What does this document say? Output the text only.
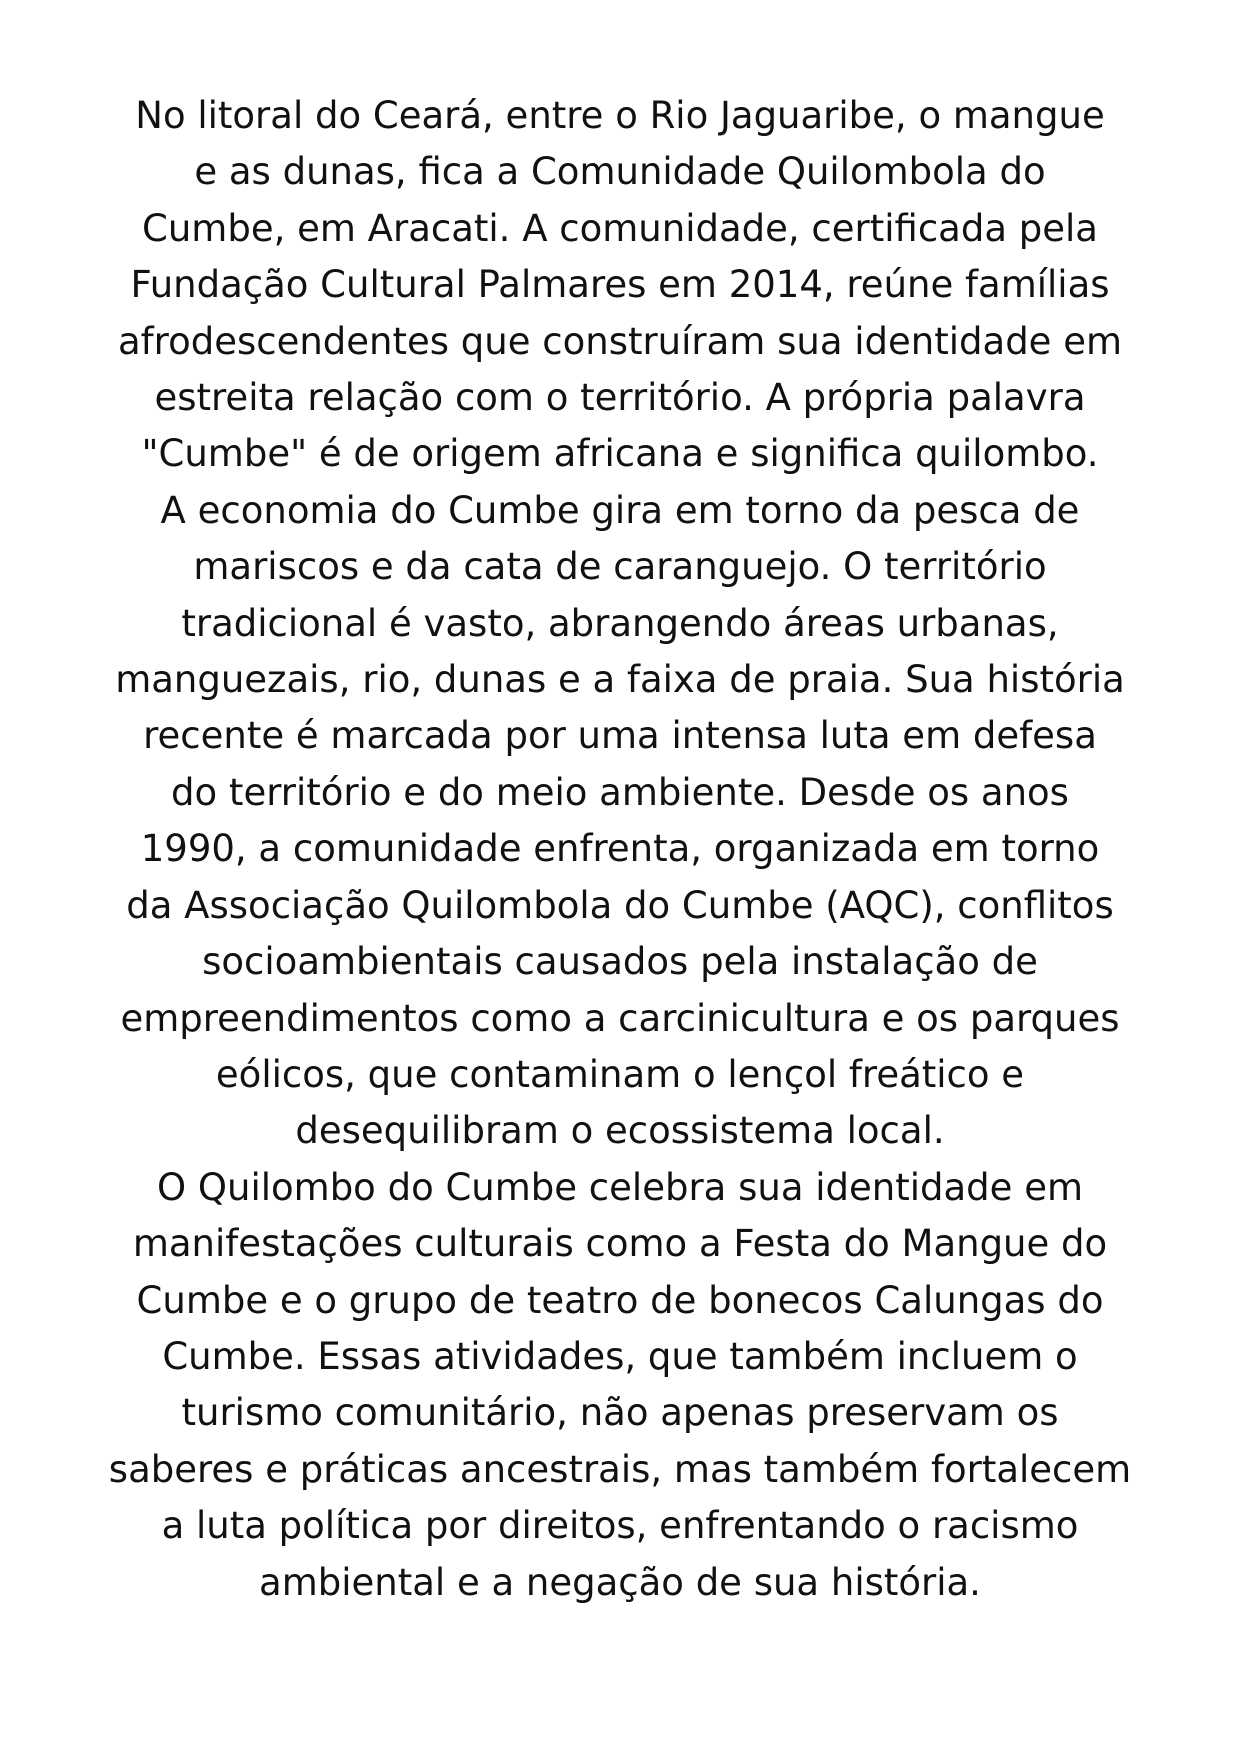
No litoral do Ceará, entre o Rio Jaguaribe, o mangue
e as dunas, fica a Comunidade Quilombola do
Cumbe, em Aracati. A comunidade, certificada pela
Fundação Cultural Palmares em 2014, reúne famílias
afrodescendentes que construíram sua identidade em
estreita relação com o território. A própria palavra
"Cumbe" é de origem africana e significa quilombo.
A economia do Cumbe gira em torno da pesca de
mariscos e da cata de caranguejo. O território
tradicional é vasto, abrangendo áreas urbanas,
manguezais, rio, dunas e a faixa de praia. Sua história
recente é marcada por uma intensa luta em defesa
do território e do meio ambiente. Desde os anos
1990, a comunidade enfrenta, organizada em torno
da Associação Quilombola do Cumbe (AQC), conflitos
socioambientais causados pela instalação de
empreendimentos como a carcinicultura e os parques
eólicos, que contaminam o lençol freático e
desequilibram o ecossistema local.
O Quilombo do Cumbe celebra sua identidade em
manifestações culturais como a Festa do Mangue do
Cumbe e o grupo de teatro de bonecos Calungas do
Cumbe. Essas atividades, que também incluem o
turismo comunitário, não apenas preservam os
saberes e práticas ancestrais, mas também fortalecem
a luta política por direitos, enfrentando o racismo
ambiental e a negação de sua história.
